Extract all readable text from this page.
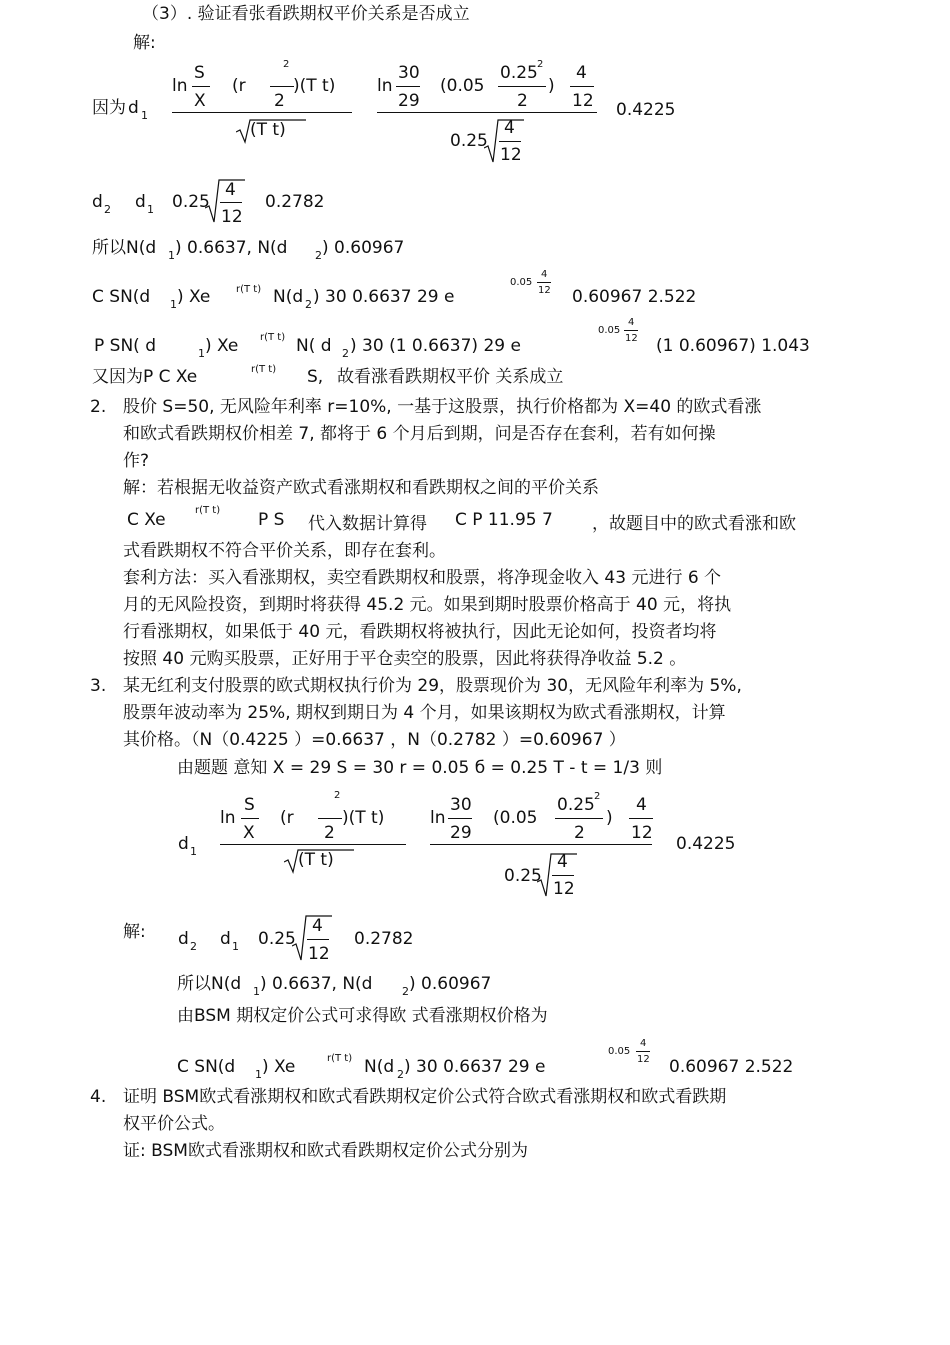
（3）. 验证看张看跌期权平价关系是否成立
解:
因为 d 1
ln
S
X
(r
2
2
)(T t)
(T t)
ln
30
29
(0.05
0.25 2
2
)
4
12
0.25
4
12
0.4225
d 2 d 1 0.25
4
12
0.2782
所以N(d 1 ) 0.6637, N(d	2 ) 0.60967
C SN(d 1 ) Xe	r(T t) N(d 2 ) 30 0.6637 29 e
0.05
4
12 0.60967 2.522
P SN( d	1 ) Xe r(T t) N( d 2 ) 30 (1 0.6637) 29 e
0.05
4
12 (1 0.60967) 1.043
又因为P C Xe	r(T t) S, 故看涨看跌期权平价 关系成立
2. 股价 S=50, 无风险年利率 r=10%, 一基于这股票，执行价格都为 X=40 的欧式看涨
和欧式看跌期权价相差 7, 都将于 6 个月后到期，问是否存在套利，若有如何操
作?
解：若根据无收益资产欧式看涨期权和看跌期权之间的平价关系
C Xe	r(T t) P S 代入数据计算得 C P 11.95 7 ，故题目中的欧式看涨和欧
式看跌期权不符合平价关系，即存在套利。
套利方法：买入看涨期权，卖空看跌期权和股票，将净现金收入 43 元进行 6 个
月的无风险投资，到期时将获得 45.2 元。如果到期时股票价格高于 40 元，将执
行看涨期权，如果低于 40 元，看跌期权将被执行，因此无论如何，投资者均将
按照 40 元购买股票，正好用于平仓卖空的股票，因此将获得净收益 5.2 。
3. 某无红利支付股票的欧式期权执行价为 29，股票现价为 30，无风险年利率为 5%,
股票年波动率为 25%, 期权到期日为 4 个月，如果该期权为欧式看涨期权，计算
其价格。（N（0.4225 ）=0.6637 ，N（0.2782 ）=0.60967 ）
由题题 意知 X = 29 S = 30 r = 0.05 б = 0.25 T - t = 1/3 则
d 1
ln
S
X
(r
2
2
)(T t)
(T t)
ln
30
29
(0.05
0.25 2
2
)
4
12
0.25
4
12
0.4225
解: d 2 d 1 0.25
4
12
0.2782
所以N(d 1 ) 0.6637, N(d	2 ) 0.60967
由BSM 期权定价公式可求得欧 式看涨期权价格为
C SN(d 1 ) Xe	r(T t) N(d 2 ) 30 0.6637 29 e
0.05
4
12 0.60967 2.522
4. 证明 BSM欧式看涨期权和欧式看跌期权定价公式符合欧式看涨期权和欧式看跌期
权平价公式。
证: BSM欧式看涨期权和欧式看跌期权定价公式分别为
